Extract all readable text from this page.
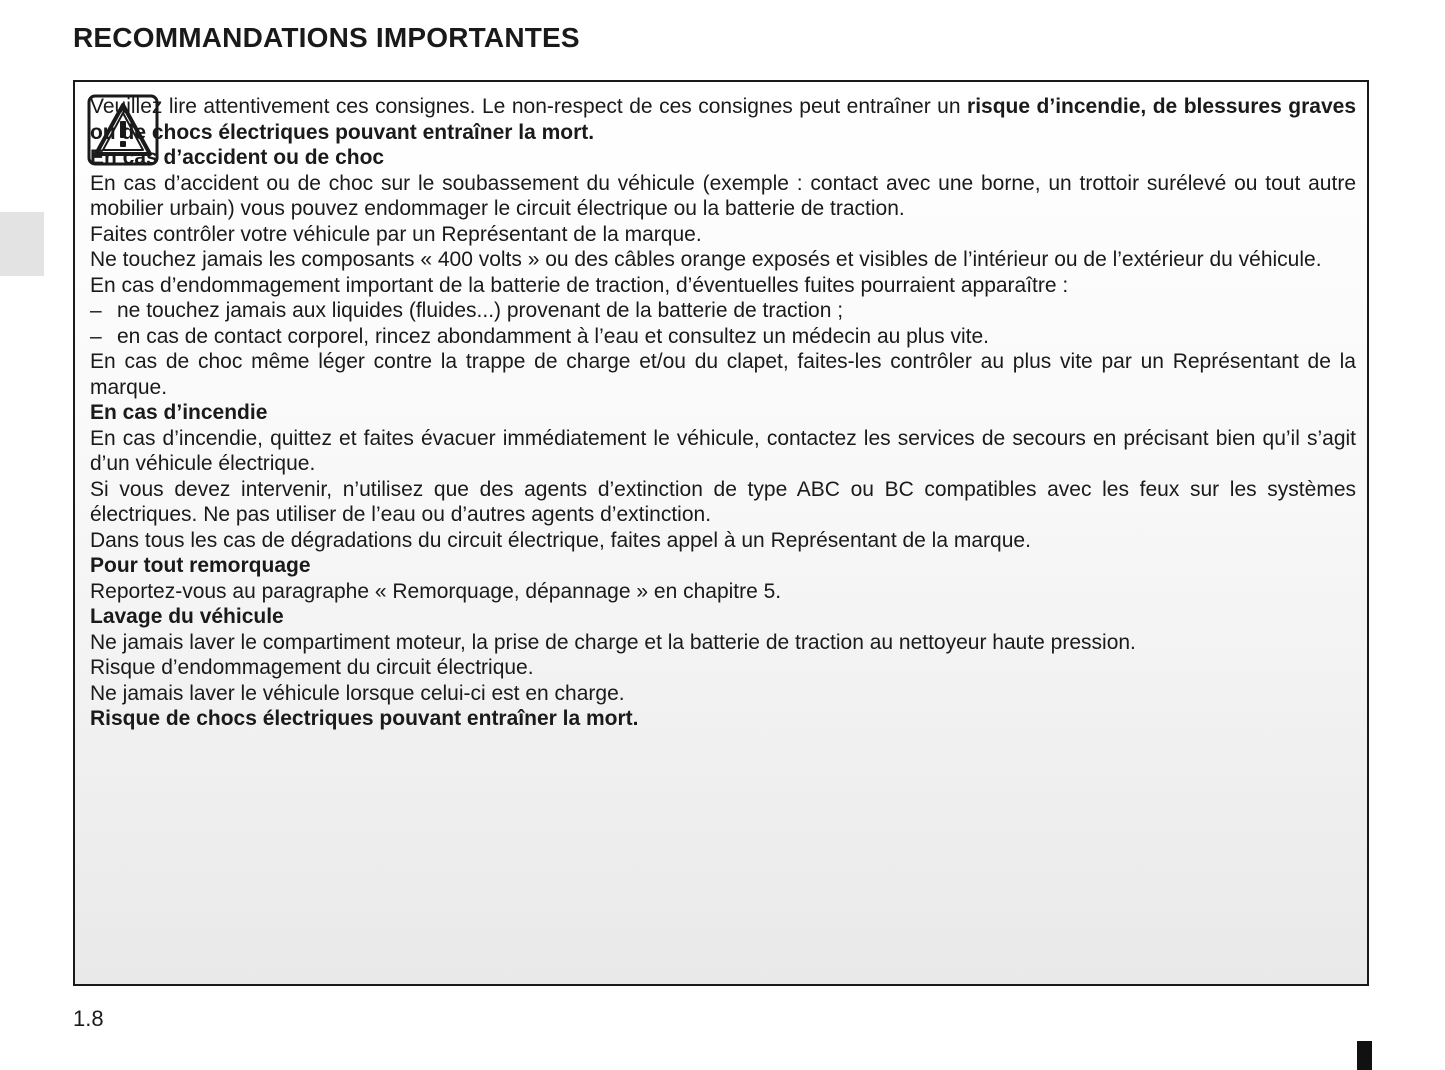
RECOMMANDATIONS IMPORTANTES

Veuillez lire attentivement ces consignes. Le non-respect de ces consignes peut entraîner un risque d’incendie, de blessures graves ou de chocs électriques pouvant entraîner la mort.

En cas d’accident ou de choc

En cas d’accident ou de choc sur le soubassement du véhicule (exemple : contact avec une borne, un trottoir surélevé ou tout autre mobilier urbain) vous pouvez endommager le circuit électrique ou la batterie de traction.

Faites contrôler votre véhicule par un Représentant de la marque.

Ne touchez jamais les composants « 400 volts » ou des câbles orange exposés et visibles de l’intérieur ou de l’extérieur du véhicule.

En cas d’endommagement important de la batterie de traction, d’éventuelles fuites pourraient apparaître :

– ne touchez jamais aux liquides (fluides...) provenant de la batterie de traction ;
– en cas de contact corporel, rincez abondamment à l’eau et consultez un médecin au plus vite.

En cas de choc même léger contre la trappe de charge et/ou du clapet, faites-les contrôler au plus vite par un Représentant de la marque.

En cas d’incendie

En cas d’incendie, quittez et faites évacuer immédiatement le véhicule, contactez les services de secours en précisant bien qu’il s’agit d’un véhicule électrique.

Si vous devez intervenir, n’utilisez que des agents d’extinction de type ABC ou BC compatibles avec les feux sur les systèmes électriques. Ne pas utiliser de l’eau ou d’autres agents d’extinction.

Dans tous les cas de dégradations du circuit électrique, faites appel à un Représentant de la marque.

Pour tout remorquage

Reportez-vous au paragraphe « Remorquage, dépannage » en chapitre 5.

Lavage du véhicule

Ne jamais laver le compartiment moteur, la prise de charge et la batterie de traction au nettoyeur haute pression.

Risque d’endommagement du circuit électrique.

Ne jamais laver le véhicule lorsque celui-ci est en charge.

Risque de chocs électriques pouvant entraîner la mort.

1.8
